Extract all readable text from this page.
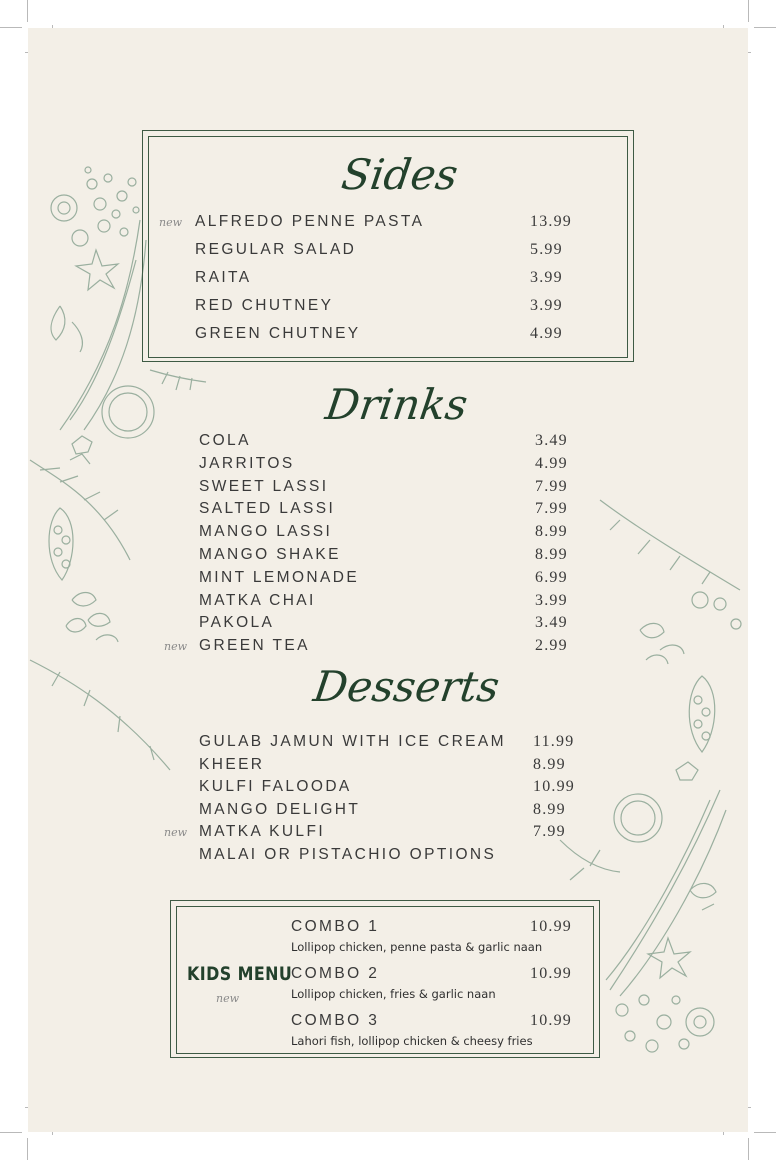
Sides
Drinks
Desserts
KIDS MENU
new
ALFREDO PENNE PASTA	13.99
new
REGULAR SALAD	5.99
RAITA	3.99
RED CHUTNEY	3.99
GREEN CHUTNEY	4.99
COLA	3.49
JARRITOS	4.99
SWEET LASSI	7.99
SALTED LASSI	7.99
MANGO LASSI	8.99
MANGO SHAKE	8.99
MINT LEMONADE	6.99
MATKA CHAI	3.99
PAKOLA	3.49
GREEN TEA	2.99
new
GULAB JAMUN WITH ICE CREAM 11.99
KHEER	8.99
KULFI FALOODA	10.99
MANGO DELIGHT	8.99
MATKA KULFI	7.99
new
MALAI OR PISTACHIO OPTIONS
COMBO 1	10.99
Lollipop chicken, penne pasta & garlic naan
COMBO 2	10.99
Lollipop chicken, fries & garlic naan
COMBO 3	10.99
Lahori fish, lollipop chicken & cheesy fries
